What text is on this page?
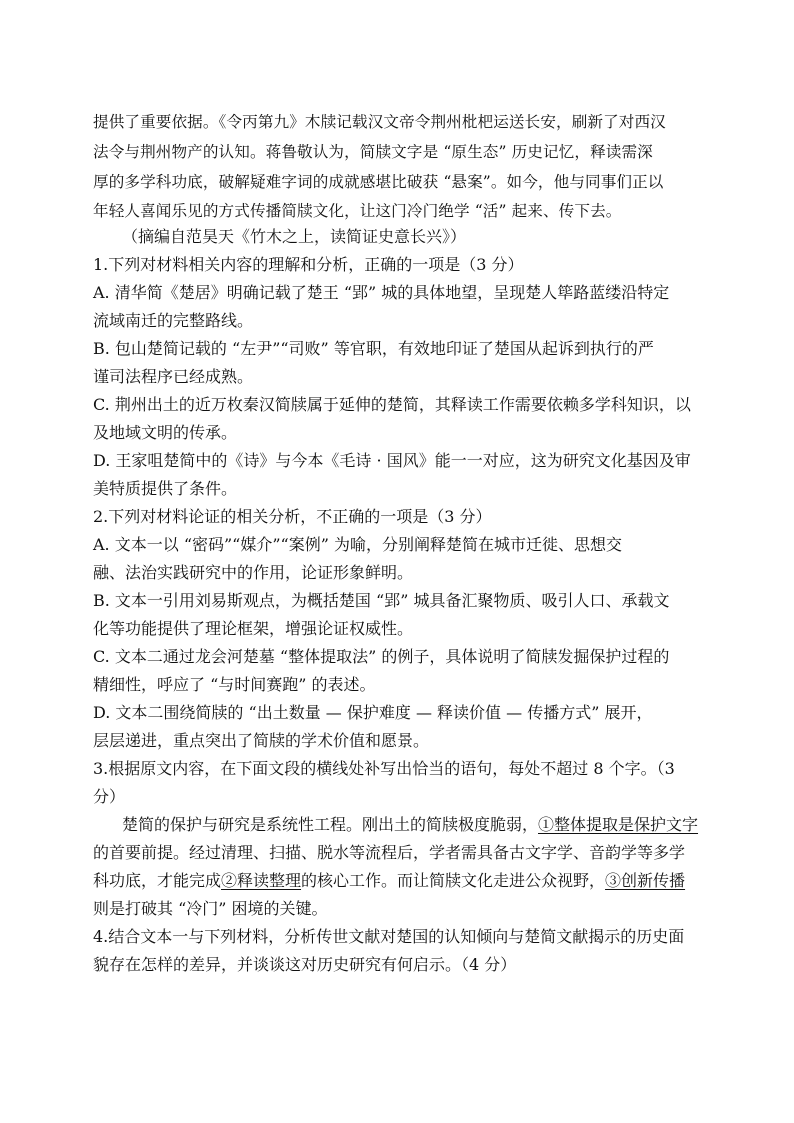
提供了重要依据。《令丙第九》木牍记载汉文帝令荆州枇杷运送长安，刷新了对西汉
法令与荆州物产的认知。蒋鲁敬认为，简牍文字是 “原生态” 历史记忆，释读需深
厚的多学科功底，破解疑难字词的成就感堪比破获 “悬案”。如今，他与同事们正以
年轻人喜闻乐见的方式传播简牍文化，让这门冷门绝学 “活” 起来、传下去。
（摘编自范昊天《竹木之上，读简证史意长兴》）
1.下列对材料相关内容的理解和分析，正确的一项是（3 分）
A. 清华简《楚居》明确记载了楚王 “郢” 城的具体地望，呈现楚人筚路蓝缕沿特定
流域南迁的完整路线。
B. 包山楚简记载的 “左尹”“司败” 等官职，有效地印证了楚国从起诉到执行的严
谨司法程序已经成熟。
C. 荆州出土的近万枚秦汉简牍属于延伸的楚简，其释读工作需要依赖多学科知识，以
及地域文明的传承。
D. 王家咀楚简中的《诗》与今本《毛诗 · 国风》能一一对应，这为研究文化基因及审
美特质提供了条件。
2.下列对材料论证的相关分析，不正确的一项是（3 分）
A. 文本一以 “密码”“媒介”“案例” 为喻，分别阐释楚简在城市迁徙、思想交
融、法治实践研究中的作用，论证形象鲜明。
B. 文本一引用刘易斯观点，为概括楚国 “郢” 城具备汇聚物质、吸引人口、承载文
化等功能提供了理论框架，增强论证权威性。
C. 文本二通过龙会河楚墓 “整体提取法” 的例子，具体说明了简牍发掘保护过程的
精细性，呼应了 “与时间赛跑” 的表述。
D. 文本二围绕简牍的 “出土数量 — 保护难度 — 释读价值 — 传播方式” 展开，
层层递进，重点突出了简牍的学术价值和愿景。
3.根据原文内容，在下面文段的横线处补写出恰当的语句，每处不超过 8 个字。（3
分）
楚简的保护与研究是系统性工程。刚出土的简牍极度脆弱，①整体提取是保护文字
的首要前提。经过清理、扫描、脱水等流程后，学者需具备古文字学、音韵学等多学
科功底，才能完成②释读整理的核心工作。而让简牍文化走进公众视野，③创新传播
则是打破其 “冷门” 困境的关键。
4.结合文本一与下列材料，分析传世文献对楚国的认知倾向与楚简文献揭示的历史面
貌存在怎样的差异，并谈谈这对历史研究有何启示。（4 分）
